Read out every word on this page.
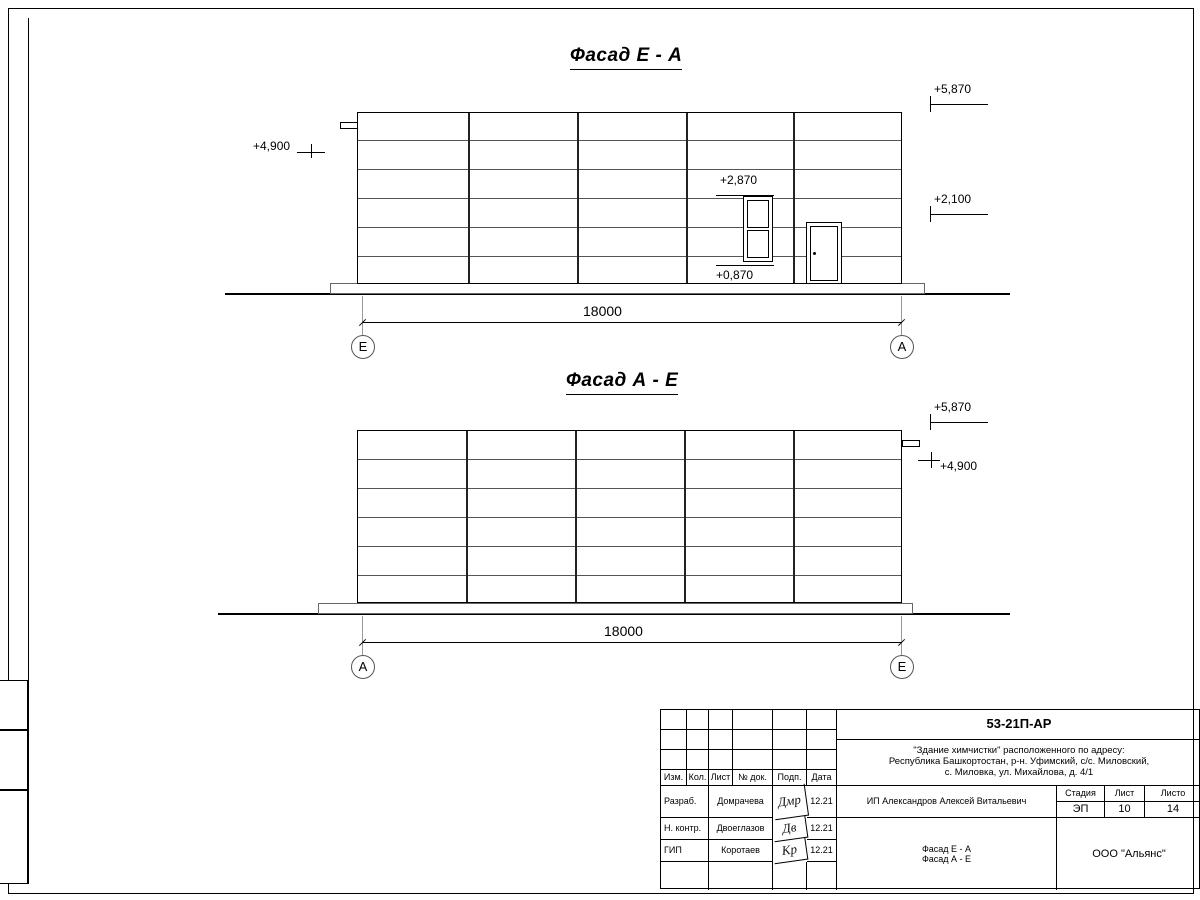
Фасад Е - А
+5,870
+4,900
+2,870
+2,100
+0,870
18000
Е	А
Фасад А - Е
+5,870
+4,900
18000
А	Е
Изм. Кол. Лист № док.	Подп.	Дата
Разраб.	Домрачева	Дмр 12.21
Н. контр.	Двоеглазов	Дв	12.21
ГИП	Коротаев	Кр	12.21
53-21П-АР
"Здание химчистки" расположенного по адресу:
Республика Башкортостан, р-н. Уфимский, с/с. Миловский,
с. Миловка, ул. Михайлова, д. 4/1
ИП Александров Алексей Витальевич
Стадия	Лист	Листо
ЭП	10	14
Фасад Е - А
Фасад А - Е	ООО "Альянс"
